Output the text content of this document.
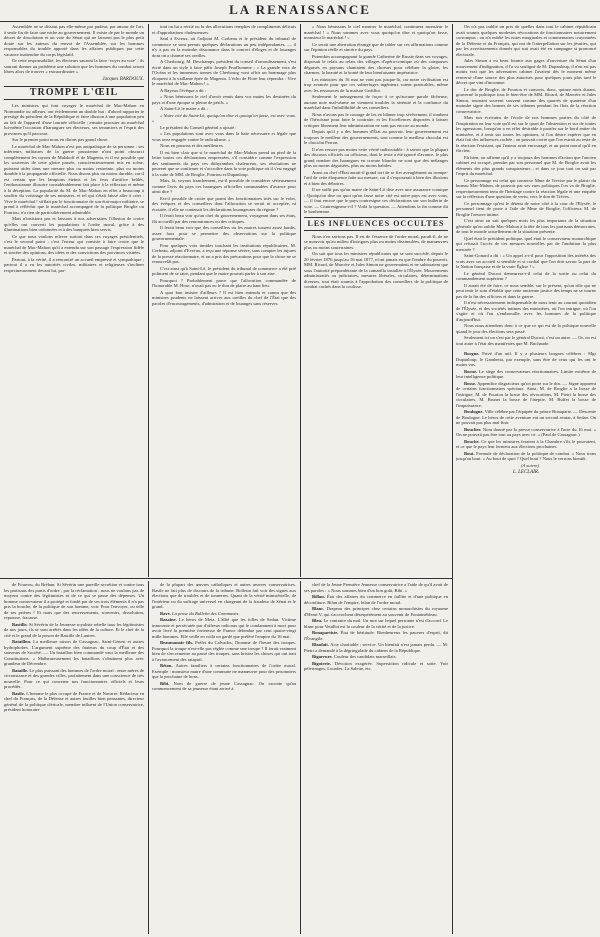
LA RENAISSANCE

Assemblée ne se dissout pas elle-même par pudeur, par amour de l'art, à seule fin de faire une niche au gouvernement. Il existe de par le monde un décret de dissolution et un vote du Sénat qui ne laissent pas le plus petit doute sur les auteurs du renvoi de l'Assemblée, sur les hommes responsables du trouble apporté dans les affaires publiques par cette vacance inattendue du corps législatif.

Or cette responsabilité, les électeurs sauront la faire ‘voyer au vote’ ; ils sauront donner au problème une solution que les hommes du combat seront libres alors de trouver « extraordinaire ».

Jacques BARDOUX.
TROMPE L'ŒIL

Les ministres qui font voyager le maréchal de Mac-Mahon en Normandie ou ailleurs, ont évidemment un double but : d'abord rapporter le prestige du président de la République et faire illusion à une population peu au fait de l'appareil d'une tournée officielle ; ensuite procurer au maréchal lui-même l'occasion d'haranguer ses électeurs, ses tenanciers et l'esprit des provinces qu'il parcourt.

Sur le premier point nous en dirons pas grand chose.

Le maréchal de Mac-Mahon n'est pas antipathique de sa personne : ses inférieurs militaires de la guerre prussienne n'ont point obscurci complètement les rayons de Malakoff et de Magenta, et il est possible que les souvenirs de cette gloire passée, consciencieusement mis en scène, puissent aider dans une mesure plus ou moins restreinte, plus ou moins durable à la propagande officielle. Nous disons plus ou moins durable, car il est certain que les lampions éteints et les feux d'artifice brûlés, l'enthousiasme illusoire considérablement fait place à la réflexion et même à la déception. La popularité du M. de Mac-Mahon en effet a beaucoup à souffrir du voisinage de ses ministres, et tel qui s'était laissé aller à crier : Vive le maréchal ! sifflait par le fonctionnaire de son état-major militaire, se prend à réfléchir que le maréchal accompagné de la politique Broglie ou Fourtou, n'a rien de particulièrement admirable.

Mais n'insistons pas et laissons à nos adversaires l'illusion de croire qu'elles ont converti les populations à l'ordre moral, grâce à des illuminations bien ordonnées et à des banquets bien servis.

Ce que nous voulons relever surtout dans ces voyages présidentiels, c'est le second point ; c'est l'erreur qui consiste à faire croire que le maréchal de Mac-Mahon qu'il a entendu sur son passage l'expression fidèle et sincère des opinions, des idées et des convictions des provinces visitées.

Partout, à la vérité, il a rencontré un accueil empressé et sympathique ; partout il a vu les autorités civiles, militaires et religieuses s'incliner respectueusement devant lui, par-

tout on lui a récité ou lu des allocutions remplies de compliments délicats et d'approbations chaleureuses.

Saul à Evreux, où l'adjoint M. Corbeau et le président du tribunal de commerce se sont permis quelques déclarations un peu indépendantes, — il n'y a pas eu la moindre dissonance dans le concert d'éloges et de louanges dont on a charmé ses oreilles.

A Cherbourg, M. Deschamps, président du conseil d'arrondissement, s'est écrié dans un style à faire pâlir Joseph Prud'homme : « La grande voix de l'Océan et les immenses tonnes de Cherbourg vont offrir un hommage plus éloquent à la vaillante épée de Magenta. L'écho de Flore leur répondra : Vive le maréchal de Mac-Mahon ! »

A Bayeux l'évêque a dit :

« Nous bénissons le ciel d'avoir remis dans vos mains les destinées du pays et d'une époque si pleine de périls. »

A Saint-Lô le maire a dit :

« Notre cité du Saint-Lô, quoiqu'on dise et quoiqu'on fasse, est avec vous. »

Le président du Conseil général a ajouté :

« Les populations sont avec vous dans la lutte nécessaire et légale que vous avez engagée contre le radicalisme. »

Nous en passons et des meilleures.

Il est bien clair que si le maréchal de Mac-Mahon prend au pied de la lettre toutes ces déclarations empressées, s'il considère comme l'expression des sentiments du pays ces dithyrambes chaleureux, ses résolutions ne peuvent que se confirmer et s'accroître dans la voie politique où il s'est engagé à la suite de MM. de Broglie, Fourtou et Dupanloup.

Mais, là, voyons franchement, est-il possible de considérer sérieusement comme l'avis du pays ces harangues officielles commandées d'avance pour ainsi dire ?

Est-il possible de croire que parmi des fonctionnaires triés sur le volet, des évêques et des conseillers dont l'allocution se serait ni acceptée, ni écoutée, il elle ne contenait les déclarations louangeuses du régime ?

Il ferait beau voir qu'un chef du gouvernement, voyageant dans ses états, fût accueilli par des remontrances ou des critiques.

Il ferait beau voir que des conseillers ou les maires tussent assez hardis, assez fous pour se permettre des observations sur la politique gouvernementale.

Pour quelques voix timides touchant les institutions républicaines, M. Corbeau, adjoint d'Evreux, a reçu une réponse sévère, sans compter les injures de la presse réactionnaire, et on a pris des précautions pour que la chose ne se renouvelât pas.

C'est ainsi qu'à Saint-Lô, le président du tribunal de commerce a été prié poliment de se taire, pendant que le maire pouvait parler à son aise.

Pourquoi ? Probablement parce que l'allocution commandée de l'honorable M. Hose, n'avait pas eu le don de plaire au haut lieu.

A quoi bon insister d'ailleurs ? Il est bien entendu et connu que des ministres prudents ne laissent arriver aux oreilles du chef de l'État que des paroles d'encouragements, d'admiration et de louanges sans réserves.

« Nous bénissons le ciel montrer le maréchal, continuera monsieur le maréchal ! » Nous sommes avec vous quoiqu'on dise et quoiqu'on fasse, monsieur le maréchal ! »

Ce serait une aberration étrange que de tabler sur ces affirmations comme sur l'opinion réelle et sincère du pays.

Potemkin accompagnant la grande Catherine de Russie dans ses voyages, disposait le relais au relais des villages d'opéra-comique où des comparses déguisés en paysans chantaient des choeurs pour célébrer la gloire, les charmes, la beauté et la bonté de leur bienfaisante impératrice.

Les ministres du 16 mai ne vont pas jusque-là, car notre civilisation est trop avancée pour que ces subterfuges ingénieux soient praticables, même avec les ressources de la maison Godillot.

Seulement le ménagement de façon à ce qu'aucune parole fâcheuse, aucune note mal-séante ne viennent troubler la sérénité et la confiance du maréchal dans l'infaillibilité de ses conseillers.

Nous n'avons pas le courage de les en blâmer trop sévèrement, il tombent de l'héroïsme pour faire le contraire, et les Excellences disposées à laisser critiquer librement leur administration ne sont pas encore au monde.

Depuis qu'il y a des hommes d'État au pouvoir, leur gouvernement est toujours le meilleur des gouvernements, tout comme le meilleur chocolat est le chocolat Perron.

Il n'en ressort pas moins cette vérité indiscutable : à savoir que la plupart des discours officiels ou officieux, dont le texte a été ignoré d'avance, le plus grand nombre des harangues en cravate blanche ne sont que des mélanges plus ou moins déguisées, plus ou moins habiles.

Aussi au chef d'État aurait-il grand tort de se fier aveuglément au trompe-l'œil de cette éloquence faite sur mesure, car il s'exposerait à bien des illusions et à bien des déboires.

Il ne suffit pas qu'un maire de Saint-Lô dise avec une assurance comique : Quoiqu'on dise ou quoi qu'on fasse notre cité est notre pays est avec vous, — il faut encore que le pays contresigne ces déclarations sur son bulletin de vote. — Contresignera-t-il ? Voilà la question. — Attendons la fin comme dit le bonhomme.

LES INFLUENCES OCCULTES

Nous n'en savions pas. Il est de l'essence de l'ordre moral, paraît-il, de ne se mouvoir qu'au milieu d'intrigues plus ou moins dissimulées, de manœuvres plus ou moins souterraines.

On sait que tous les ministres républicains qui se sont succédé, depuis le 20 février 1876 jusqu'au 16 mai 1877, n'ont jamais eu que l'ombre du pouvoir. MM. Ricard, de Marcère et Jules Simon ne gouvernaient et ne subissaient que sous l'autorité prépondérante de la camarilla installée à l'Élysée. Mouvements administratifs ou judiciaires, mesures libérales, circulaires, déterminations diverses, tout était soumis à l'approbation des conseillers de la politique de combat cachés dans la coulisse.

On n'a pas oublié un prix de quelles dans tout le cabinet républicain avait soumis quelques modestes révocations de fonctionnaires notoirement corrompus ; on n'a oublié les notes marginales et commentaires crayonnées de la Défense et du Français, qui ont de l'interpellation sur les jésuites, qui par les avertissements donnés qui suit avait été en campagne si prononcé électorale.

Jules Simon a eu beau fournir aux gages d'ouverture du Sénat d'un mouvement d'indignation, il l'a vu souligné de M. Dupanloup, il n'en est pas moins vrai que les adversaires cabinet l'avaient dès le moment même renversé d'une source des plus autorisés pour quelques jours plus tard le décret que vint d'inconnue.

Le duc de Broglie, de Fourtou et consorts, donc, quinze mois durant, gouverné la politique tous le bien-être de MM. Ricard, de Marcère et Jules Simon, tournant souvent souvent comme des quarrés de quaterne d'un moindre signe des bonnes de ses tribunes pendant les flots de la réaction conservatrice.

Mais nos écrivains de l'école de nos hommes parties du côté de l'inspiration en leur vote qu'il est sur le quart de l'abstention et sur de toutes les agressions, lorsqu'on a en effet désirable à parafer sur le bord entier du ministère, et à tenir sur toutes les opinions, si l'on désire expérer que en était fait des influences cachée ; on pouvait croire que l'on estrait au reste de la réaction l'existant, qui l'auteur avait encouragé, et un point moral qu'il en fût rien.

Eh bien, on affirme qu'il y a toujours des hommes d'action que l'ancien cabinet est occupé, prendre par son personnel que M. de Broglie avait les éléments des plus grands conspirateurs ; et dans ce jour tout on sait par l'esprit du maréchal.

Ce personnage est celui qui conserve Mme de Trevise par le plaisir du bureau Mac-Mahon, de pouvoir par ses vues politiques l'on va de Broglie, respectueusement tenu de l'héritage contre la réaction légale et une enquête sur la réflexion d'une question de vertu, vers le don de Trèves.

Ce personnage qu'est le détenu de notre côté à la cour de l'Elysée, le personnel tient de porte à l'aile de Mme de Broglie, l'officieux M. de Broglie l'oeuvre intime.

C'est ainsi on sait quelques mots les plus importants de la situation générale qu'en oublie Mac-Mahon à la tête de tous les partisans démocrates, de tout le monde actuellement de la situation présente.

Quel était le président politique, quel était le conservateur monarchique qui refusait l'accès de ces mesures nouvelles par de l'ambition la plus mesurée ?

Saint-Gonard a dit : « Un appel a-t-il pour l'opposition des intérêts des vrais avec un accueil si sensible et si cordial que l'on doit savoir la part de la Nation française et de la vraie Église ? »

Le général Ducrot demeurera-t-il celui de la sortie ou celui du commandement supérieur ?

Il aurait été de faire, ce nous semble, sur le présent, qu'un rôle qui ne peut tenir le soin d'établir que cette ancienne justice des temps ne se tourne pas de la fin des officiers et dans la guerre.

Il n'est nécessairement indispensable de nous tenir au courant quotidien de l'Élysée, et des sociétés intimes des ministères, où l'on intrigue, où l'on s'agite et où l'on s'embrouille, avec les hommes de la politique d'aujourd'hui.

Nous nous attendons donc à ce que ce qui est de la politique nouvelle quand le jour des élections sera passé.

Seulement ici on s'est par le général Ducrot, c'est un autre. — Or, on est tout autre à l'état des manifestes que M. Buchaude.

Borgne. Privé d'un œil. Il y a plusieurs borgnes célèbres : Mgr Dupanloup, le Gambetta, par exemple, sans être de ceux qui les ont le moins vus.

Borne. Le siège des conservateurs réactionnaires. Limite extrême de leur intelligence politique.

Bosse. Appendice disgracieux qu'on porte sur le dos. — Signe apparent de certains fonctionnaires spéciaux. Ainsi, M. de Broglie a la bosse de l'intrigue, M. de Fourtou la bosse des révocations, M. Pietri la bosse des circulaires, M. Brunet la bosse de l'ineptie, M. Buffet la bosse de l'impuissance.

Boulogne. Ville célèbre par l'équipée du prince Bonaparte. — Descente de Boulogne. Le héros de cette aventure eut un second avatar, à Sedan. On ne pouvait pas plus mal finir.

Bouclier. Nom donné par la presse conservatrice à l'acte du 16 mai. « On ne pouvait pas être tout au pays avec ce. » (Paul de Cassagnac.)

Bouche. Ce que les ministres feraient à la Chambre s'ils le pouvaient, et ce que le pays leur fermera aux élections prochaines.

Bout. Formule de déclaration de la politique de combat. « Nous irons jusqu'au bout. » Au bout de quoi ? Quel bout ? Nous le verrons bientôt.

(A suivre)

L. LECLAIR.

de Fourrou, du Bréhan. Si Sévérin une pareille secrétion et contre tous les partisans des partis d'ordre ; par la réclamation ; nous ne voulons pas de moyens contre des légitimistes ni de ce qui se passe des dépenses. Un homme conservateur il a protégé et fondé par de ses trois éléments il n'a pas pris la bouche, de la politique de son homme, voir. Pour l'envoyer, ou telle de ses prières ! Et mais que des renversements, souvenirs, dissolution, repousse, fracasse.

Bastille. Si Sévérin de la Jeunesse royaliste rebelle tous les légitimistes de nos jours, ils se sont arrêtés dans les idées de la culture. Et le chef de la cité et le grand de la prison de Bastille de Lautrec.

Bataillon. La meilleure raison de Cassagnac, Saint-Genest et autres hydrophobes. L'argument suprême des fauteurs du coup d'État et des sauveurs de Société. — Un bataillon bien commandé vaut la meilleure des Constitutions. « Malheureusement les bataillons s'obstinent plus avec grandeur de Décembre.

Bataille. Le plus puissant des hommes de l'ordre moral : entre mères de circonstance et des grandes villes, parfaitement dans une conscience de très nouvelle. Pour ce qui concerne nos fonctionnaires officiels et leurs procédés.

Basile. L'homme le plus occupé de France et de Navarre. Rédacteur en chef du Français, de la Défense et autres feuilles bien pensantes, directeur général de la politique cléricale, membre influent de l'Union conservatrice, président honoraire

de la plupart des œuvres catholiques et autres œuvres conservatrices. Basile ne fait plus de discours de la tribune. Bolletin fait voir des signes aux élections que de troubles et de tonnerres. Quant de la vérité ministérielle, de l'intérieur ou du suffrage universel en chargeant de la fraudeur de Sénat et le grand.

Bave. La prose du Bulletin des Communes.

Bazaine. Le héros de Metz. L'allié que les folles de Sedan. Victime innocente et persécutée par d'affreux radicaux qui le condamnent à mort pour avoir livré la première forteresse de France défendue par cent quatre-vingt mille hommes. Elle veille en voilà un gardé que préféré l'empire du 16 mai.

Beaumanoir fils. Préfet du Calvados, l'homme de l'heure des troupes. Pourquoi la troupe n'est-elle pas réglée comme une troupe ? Il ferait vraiment bien de s'en remettre au passé des troupes, sans brisiez les choses qui ont trait à l'avancement des ratapoil.

Béton. Autres familiers à certains fonctionnaires de l'ordre moral. Exemple : monsieur maire d'une commune ne manœuvre pour des prisonniers que la prochaine de bons.

Bibi. Nom de guerre de jeune Cassagnac. On raconte qu'au commencement de sa jeunesse étant arrivé à

chef de la Jeune Première Jeunesse conservatrice a l'aide de qu'il avait de ses paroles : « Nous sommes bien d'un bon goût, Bibi. »

Billau. État des affaires du commerce en faillite et d'une politique en déconfiture. Bilan de l'empire, bilan de l'ordre moral.

Blanc. Drapeau des principes chez certains monarchistes du royaume d'Henri V, qui s'accrochent désespérément au souvenir de Fontainebleau.

Bleu. Le contraire du mal. Un mot sur lequel personne n'est d'accord. Le blanc pour Veuillot est la couleur de la vérité et de la justice.

Bonapartiste. État de béatitude. Bienheureux les pauvres d'esprit, dit l'Évangile.

Blanfait. Acte charitable ; service. Un bienfait n'est jamais perdu. — M. Pietri a demandé à la dégringolade du cabinet de la République.

Bigarrure. Couleur des candidats marseillais.

Bigoterie. Dévotion exagérée. Superstition ridicule et sotte. Voir pèlerinages, Lourdes, La Salette, etc.
